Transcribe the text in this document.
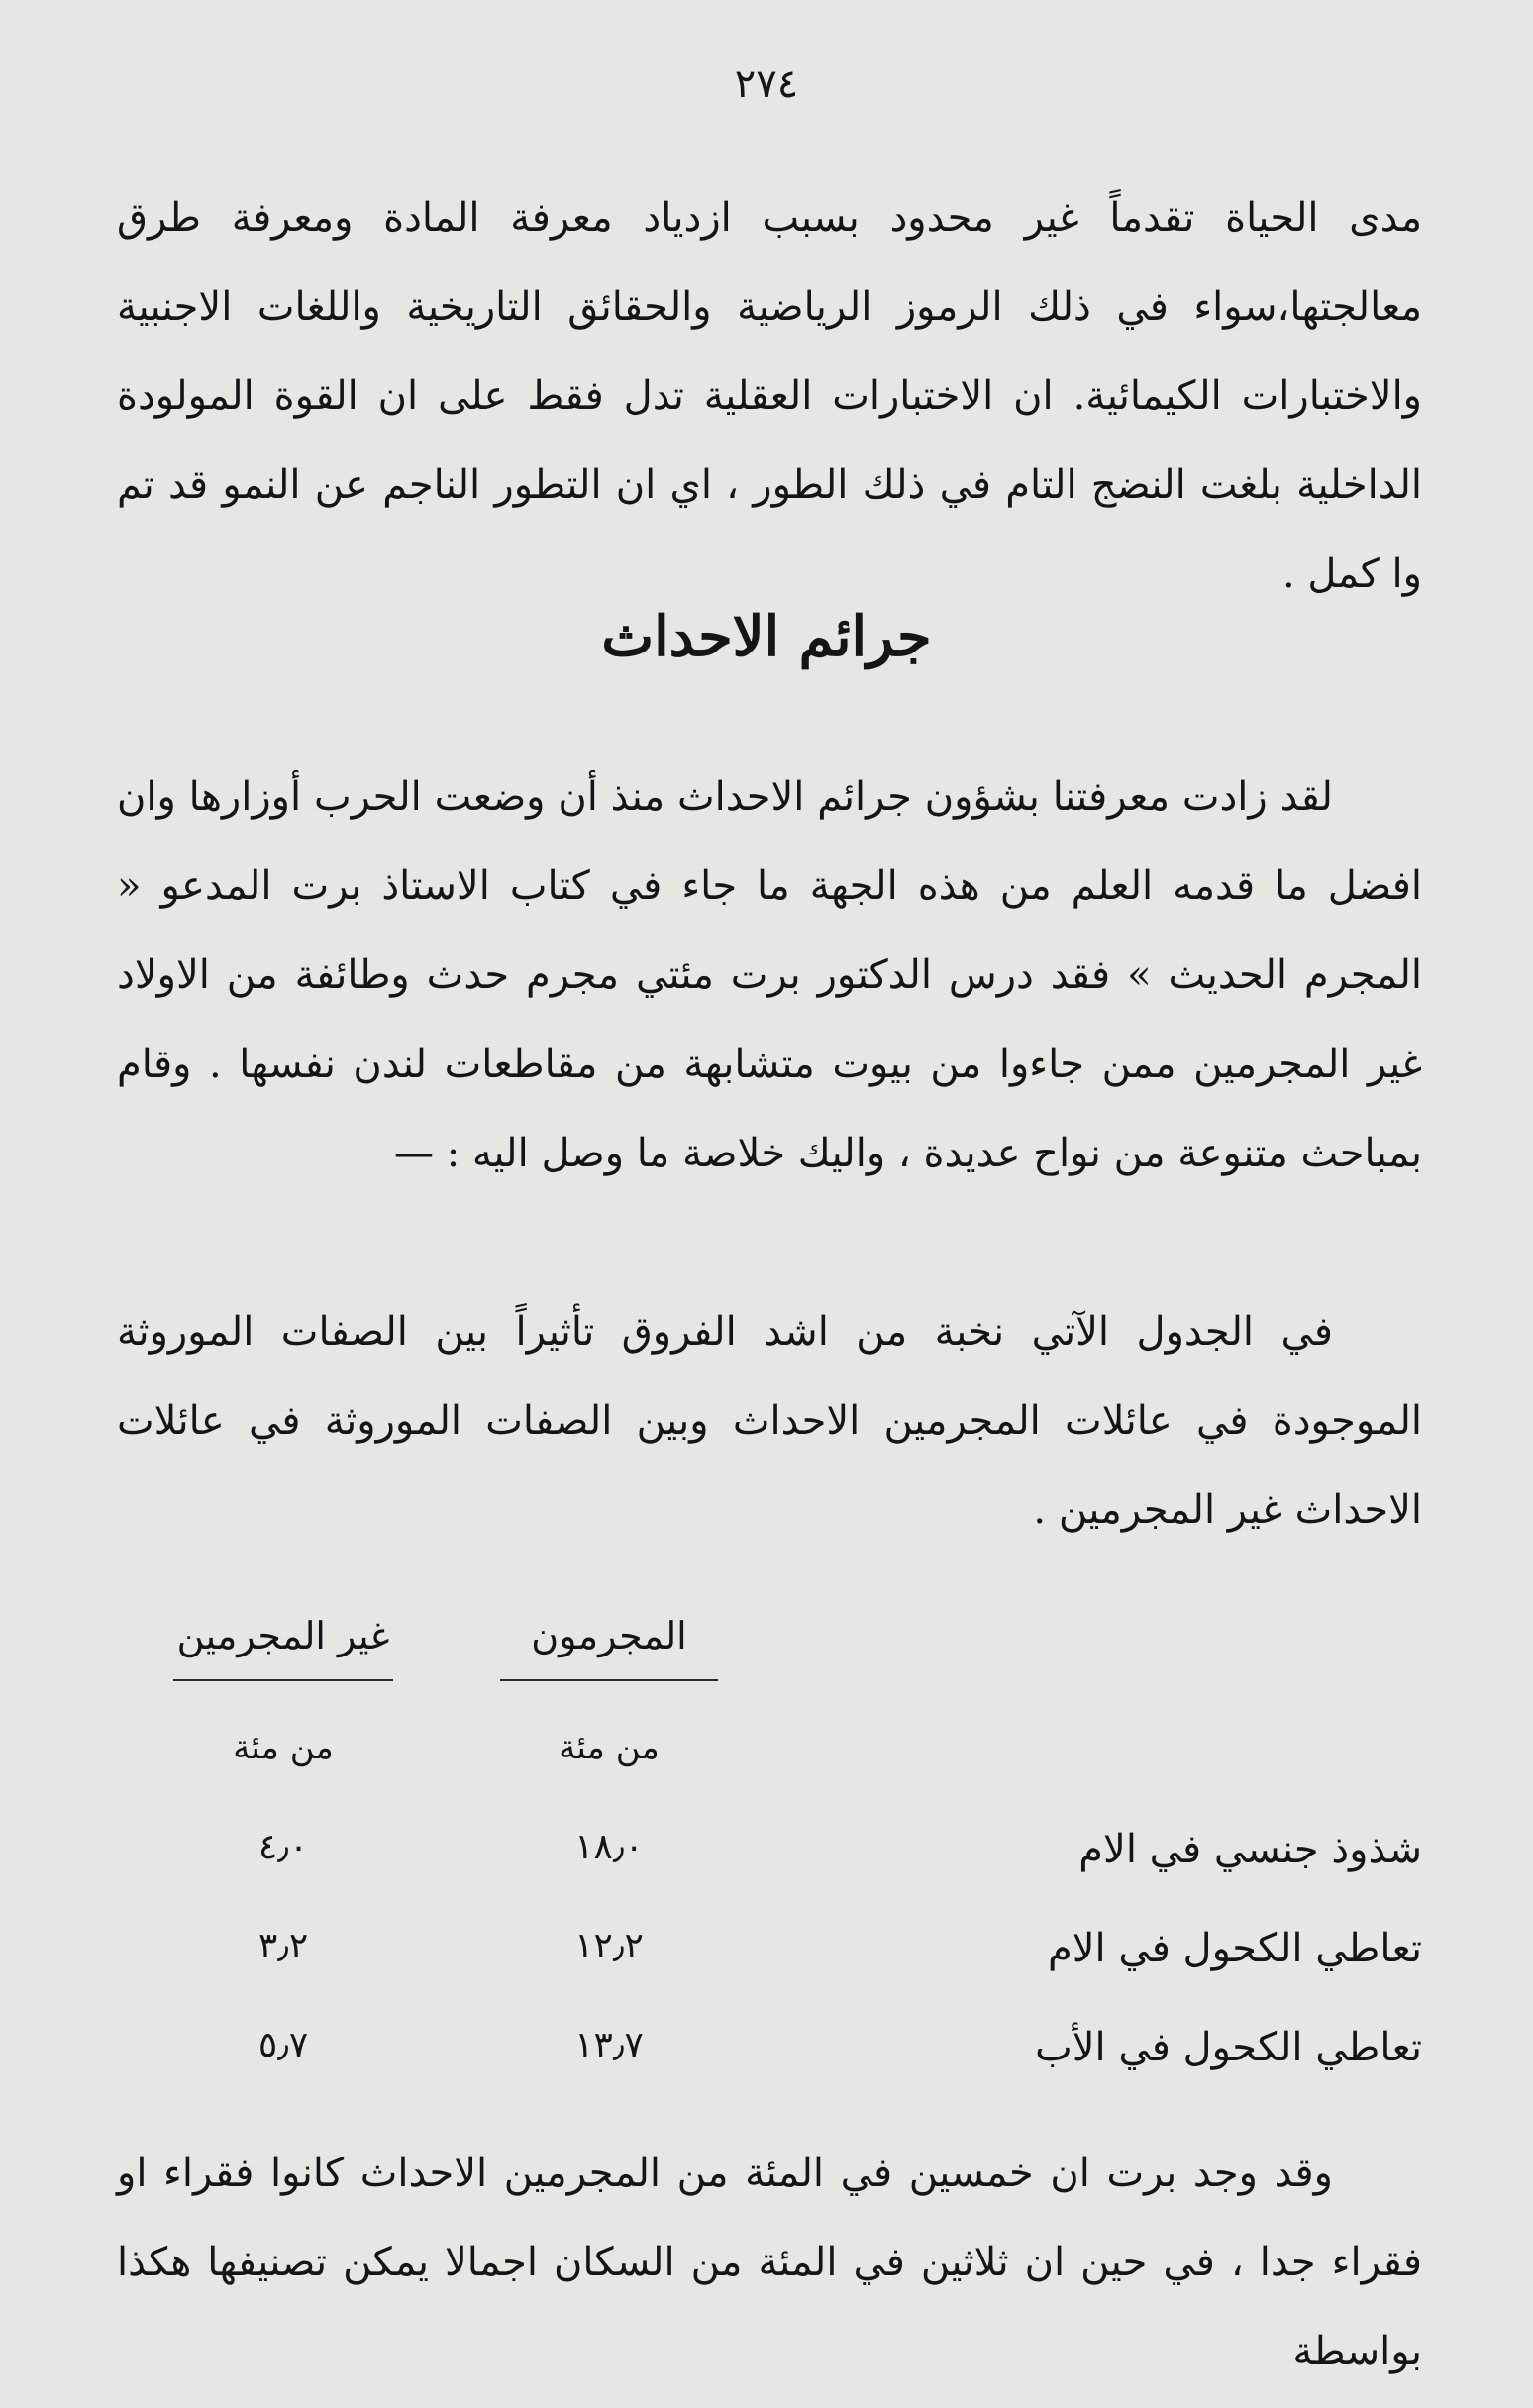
٢٧٤
مدى الحياة تقدماً غير محدود بسبب ازدياد معرفة المادة ومعرفة طرق معالجتها،سواء في ذلك الرموز الرياضية والحقائق التاريخية واللغات الاجنبية والاختبارات الكيمائية. ان الاختبارات العقلية تدل فقط على ان القوة المولودة الداخلية بلغت النضج التام في ذلك الطور ، اي ان التطور الناجم عن النمو قد تم وا كمل .
جرائم الاحداث
لقد زادت معرفتنا بشؤون جرائم الاحداث منذ أن وضعت الحرب أوزارها وان افضل ما قدمه العلم من هذه الجهة ما جاء في كتاب الاستاذ برت المدعو « المجرم الحديث » فقد درس الدكتور برت مئتي مجرم حدث وطائفة من الاولاد غير المجرمين ممن جاءوا من بيوت متشابهة من مقاطعات لندن نفسها . وقام بمباحث متنوعة من نواح عديدة ، واليك خلاصة ما وصل اليه : —
في الجدول الآتي نخبة من اشد الفروق تأثيراً بين الصفات الموروثة الموجودة في عائلات المجرمين الاحداث وبين الصفات الموروثة في عائلات الاحداث غير المجرمين .
المجرمون
غير المجرمين
من مئة
من مئة
شذوذ جنسي في الام
١٨٫٠
٤٫٠
تعاطي الكحول في الام
١٢٫٢
٣٫٢
تعاطي الكحول في الأب
١٣٫٧
٥٫٧
وقد وجد برت ان خمسين في المئة من المجرمين الاحداث كانوا فقراء او فقراء جدا ، في حين ان ثلاثين في المئة من السكان اجمالا يمكن تصنيفها هكذا بواسطة
